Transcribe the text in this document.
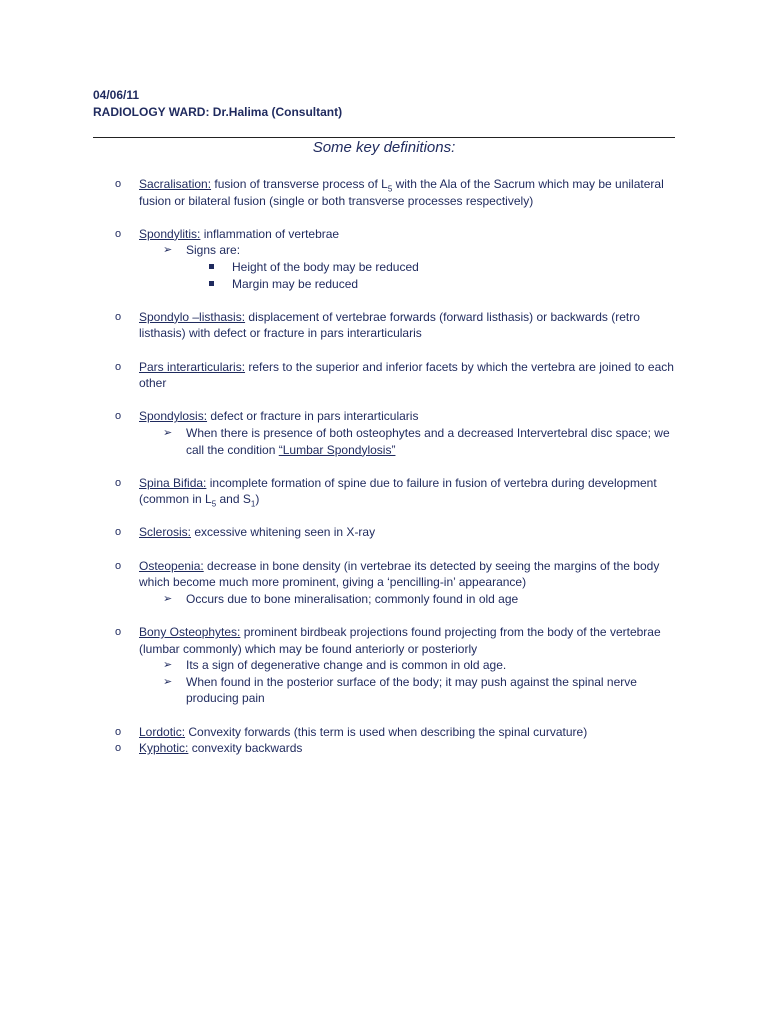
04/06/11
RADIOLOGY WARD: Dr.Halima (Consultant)
Some key definitions:
o Sacralisation: fusion of transverse process of $L_5$ with the Ala of the Sacrum which may be unilateral fusion or bilateral fusion (single or both transverse processes respectively)
o Spondylitis: inflammation of vertebrae
➢ Signs are:
Height of the body may be reduced
Margin may be reduced
o Spondylo –listhasis: displacement of vertebrae forwards (forward listhasis) or backwards (retro listhasis) with defect or fracture in pars interarticularis
o Pars interarticularis: refers to the superior and inferior facets by which the vertebra are joined to each other
o Spondylosis: defect or fracture in pars interarticularis
➢ When there is presence of both osteophytes and a decreased Intervertebral disc space; we call the condition “Lumbar Spondylosis”
o Spina Bifida: incomplete formation of spine due to failure in fusion of vertebra during development (common in $L_5$ and $S_1$)
o Sclerosis: excessive whitening seen in X-ray
o Osteopenia: decrease in bone density (in vertebrae its detected by seeing the margins of the body which become much more prominent, giving a ‘pencilling-in’ appearance)
➢ Occurs due to bone mineralisation; commonly found in old age
o Bony Osteophytes: prominent birdbeak projections found projecting from the body of the vertebrae (lumbar commonly) which may be found anteriorly or posteriorly
➢ Its a sign of degenerative change and is common in old age.
➢ When found in the posterior surface of the body; it may push against the spinal nerve producing pain
o Lordotic: Convexity forwards (this term is used when describing the spinal curvature)
o Kyphotic: convexity backwards
